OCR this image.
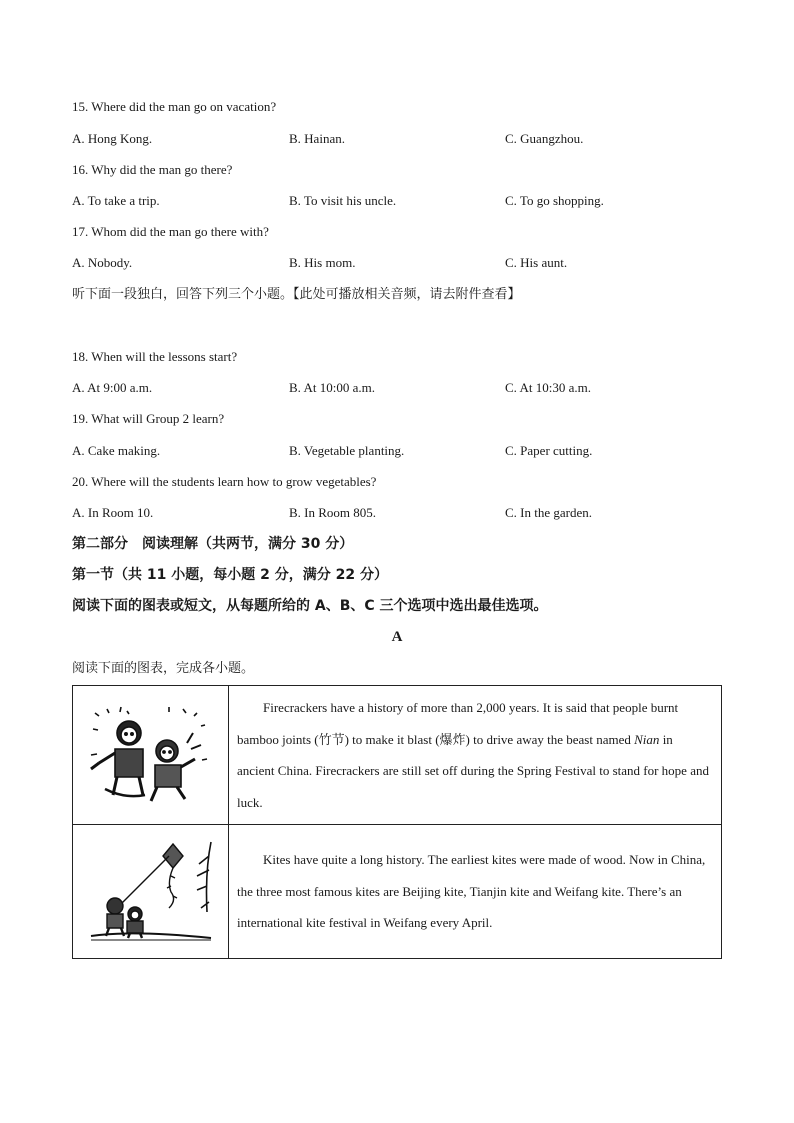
15. Where did the man go on vacation?
A. Hong Kong.	B. Hainan.	C. Guangzhou.
16. Why did the man go there?
A. To take a trip.	B. To visit his uncle.	C. To go shopping.
17. Whom did the man go there with?
A. Nobody.	B. His mom.	C. His aunt.
听下面一段独白，回答下列三个小题。【此处可播放相关音频，请去附件查看】
18. When will the lessons start?
A. At 9:00 a.m.	B. At 10:00 a.m.	C. At 10:30 a.m.
19. What will Group 2 learn?
A. Cake making.	B. Vegetable planting.	C. Paper cutting.
20. Where will the students learn how to grow vegetables?
A. In Room 10.	B. In Room 805.	C. In the garden.
第二部分　阅读理解（共两节，满分 30 分）
第一节（共 11 小题，每小题 2 分，满分 22 分）
阅读下面的图表或短文，从每题所给的 A、B、C 三个选项中选出最佳选项。
A
阅读下面的图表，完成各小题。
	Firecrackers have a history of more than 2,000 years. It is said that people burnt bamboo joints (竹节) to make it blast (爆炸) to drive away the beast named Nian in ancient China. Firecrackers are still set off during the Spring Festival to stand for hope and luck.

	Kites have quite a long history. The earliest kites were made of wood. Now in China, the three most famous kites are Beijing kite, Tianjin kite and Weifang kite. There’s an international kite festival in Weifang every April.
